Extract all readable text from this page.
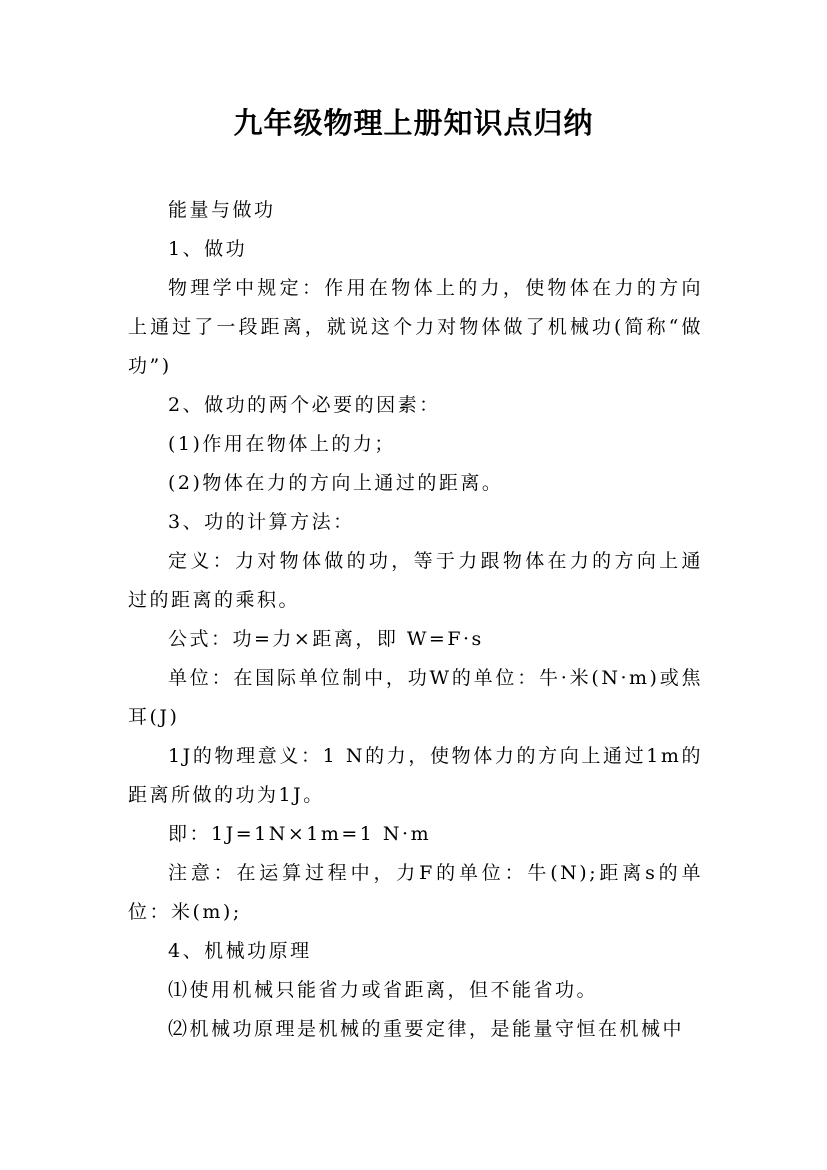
九年级物理上册知识点归纳

能量与做功

1、做功

物理学中规定：作用在物体上的力，使物体在力的方向上通过了一段距离，就说这个力对物体做了机械功(简称“做功”)

2、做功的两个必要的因素：

(1)作用在物体上的力；

(2)物体在力的方向上通过的距离。

3、功的计算方法：

定义：力对物体做的功，等于力跟物体在力的方向上通过的距离的乘积。

公式：功=力×距离，即 W=F·s

单位：在国际单位制中，功W的单位：牛·米(N·m)或焦耳(J)

1J的物理意义：1 N的力，使物体力的方向上通过1m的距离所做的功为1J。

即：1J=1N×1m=1 N·m

注意：在运算过程中，力F的单位：牛(N);距离s的单位：米(m);

4、机械功原理

⑴使用机械只能省力或省距离，但不能省功。

⑵机械功原理是机械的重要定律，是能量守恒在机械中
